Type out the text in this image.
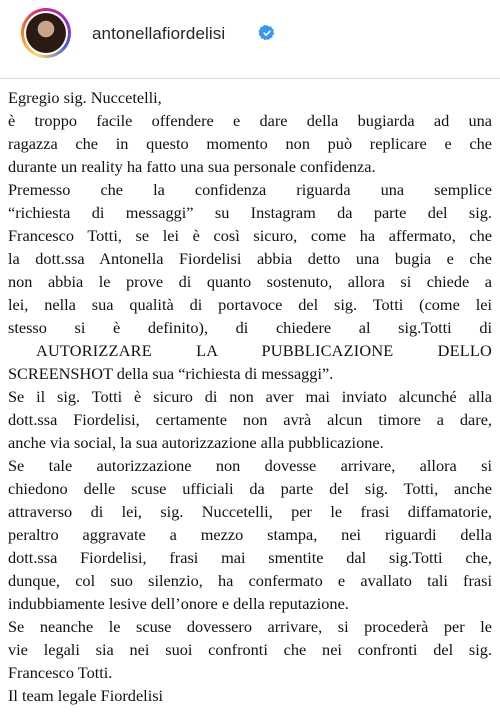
antonellafiordelisi
Egregio sig. Nuccetelli,
è troppo facile offendere e dare della bugiarda ad una
ragazza che in questo momento non può replicare e che
durante un reality ha fatto una sua personale confidenza.
Premesso che la confidenza riguarda una semplice
“richiesta di messaggi” su Instagram da parte del sig.
Francesco Totti, se lei è così sicuro, come ha affermato, che
la dott.ssa Antonella Fiordelisi abbia detto una bugia e che
non abbia le prove di quanto sostenuto, allora si chiede a
lei, nella sua qualità di portavoce del sig. Totti (come lei
stesso si è definito), di chiedere al sig.Totti di
AUTORIZZARE LA PUBBLICAZIONE DELLO
SCREENSHOT della sua “richiesta di messaggi”.
Se il sig. Totti è sicuro di non aver mai inviato alcunché alla
dott.ssa Fiordelisi, certamente non avrà alcun timore a dare,
anche via social, la sua autorizzazione alla pubblicazione.
Se tale autorizzazione non dovesse arrivare, allora si
chiedono delle scuse ufficiali da parte del sig. Totti, anche
attraverso di lei, sig. Nuccetelli, per le frasi diffamatorie,
peraltro aggravate a mezzo stampa, nei riguardi della
dott.ssa Fiordelisi, frasi mai smentite dal sig.Totti che,
dunque, col suo silenzio, ha confermato e avallato tali frasi
indubbiamente lesive dell’onore e della reputazione.
Se neanche le scuse dovessero arrivare, si procederà per le
vie legali sia nei suoi confronti che nei confronti del sig.
Francesco Totti.
Il team legale Fiordelisi
